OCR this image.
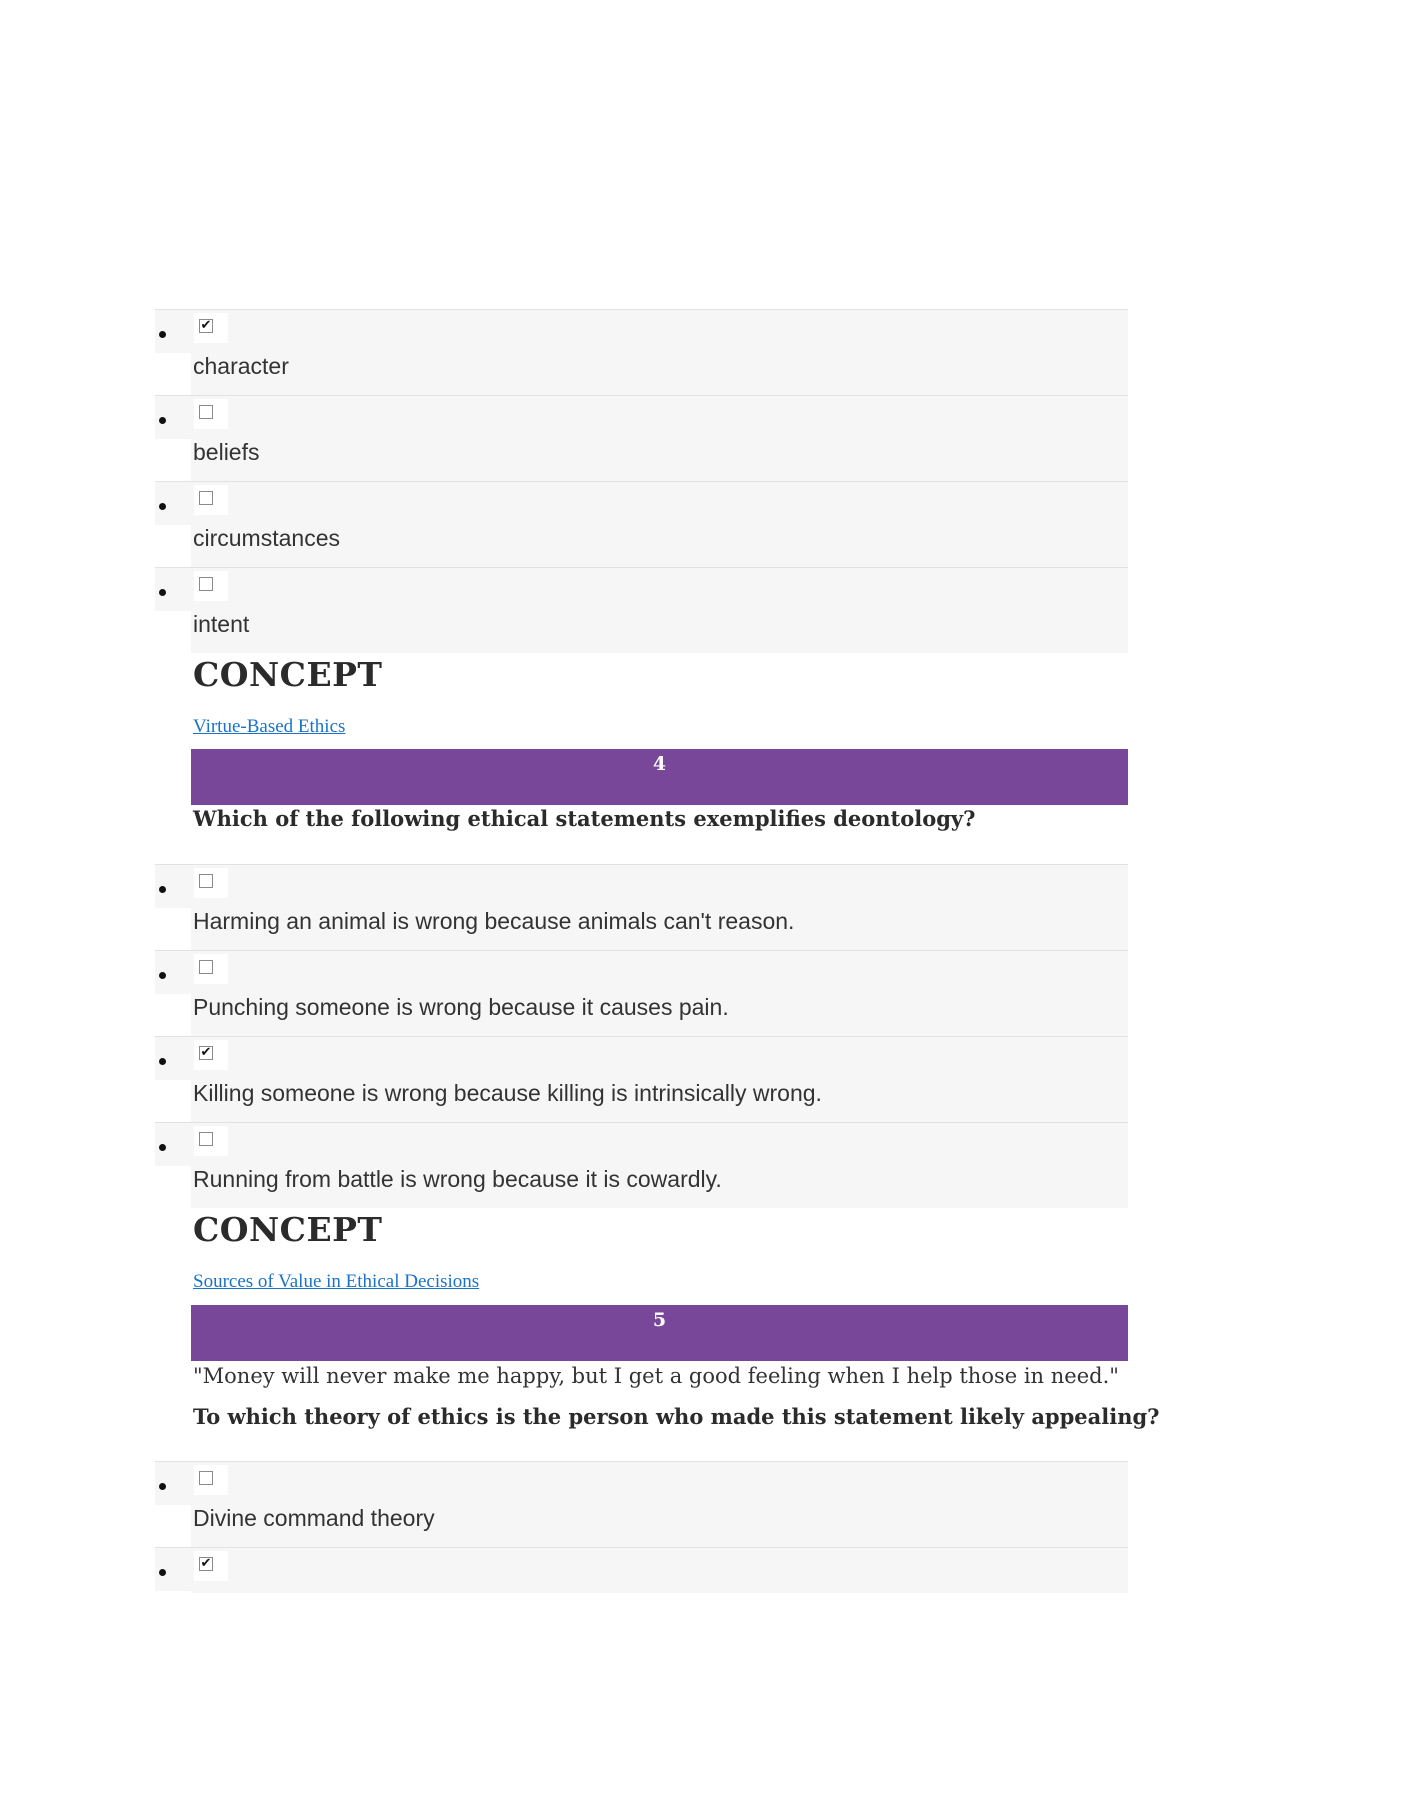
✔
character
beliefs
circumstances
intent
CONCEPT
Virtue-Based Ethics
4
Which of the following ethical statements exemplifies deontology?
Harming an animal is wrong because animals can't reason.
Punching someone is wrong because it causes pain.
✔
Killing someone is wrong because killing is intrinsically wrong.
Running from battle is wrong because it is cowardly.
CONCEPT
Sources of Value in Ethical Decisions
5
"Money will never make me happy, but I get a good feeling when I help those in need."
To which theory of ethics is the person who made this statement likely appealing?
Divine command theory
✔
